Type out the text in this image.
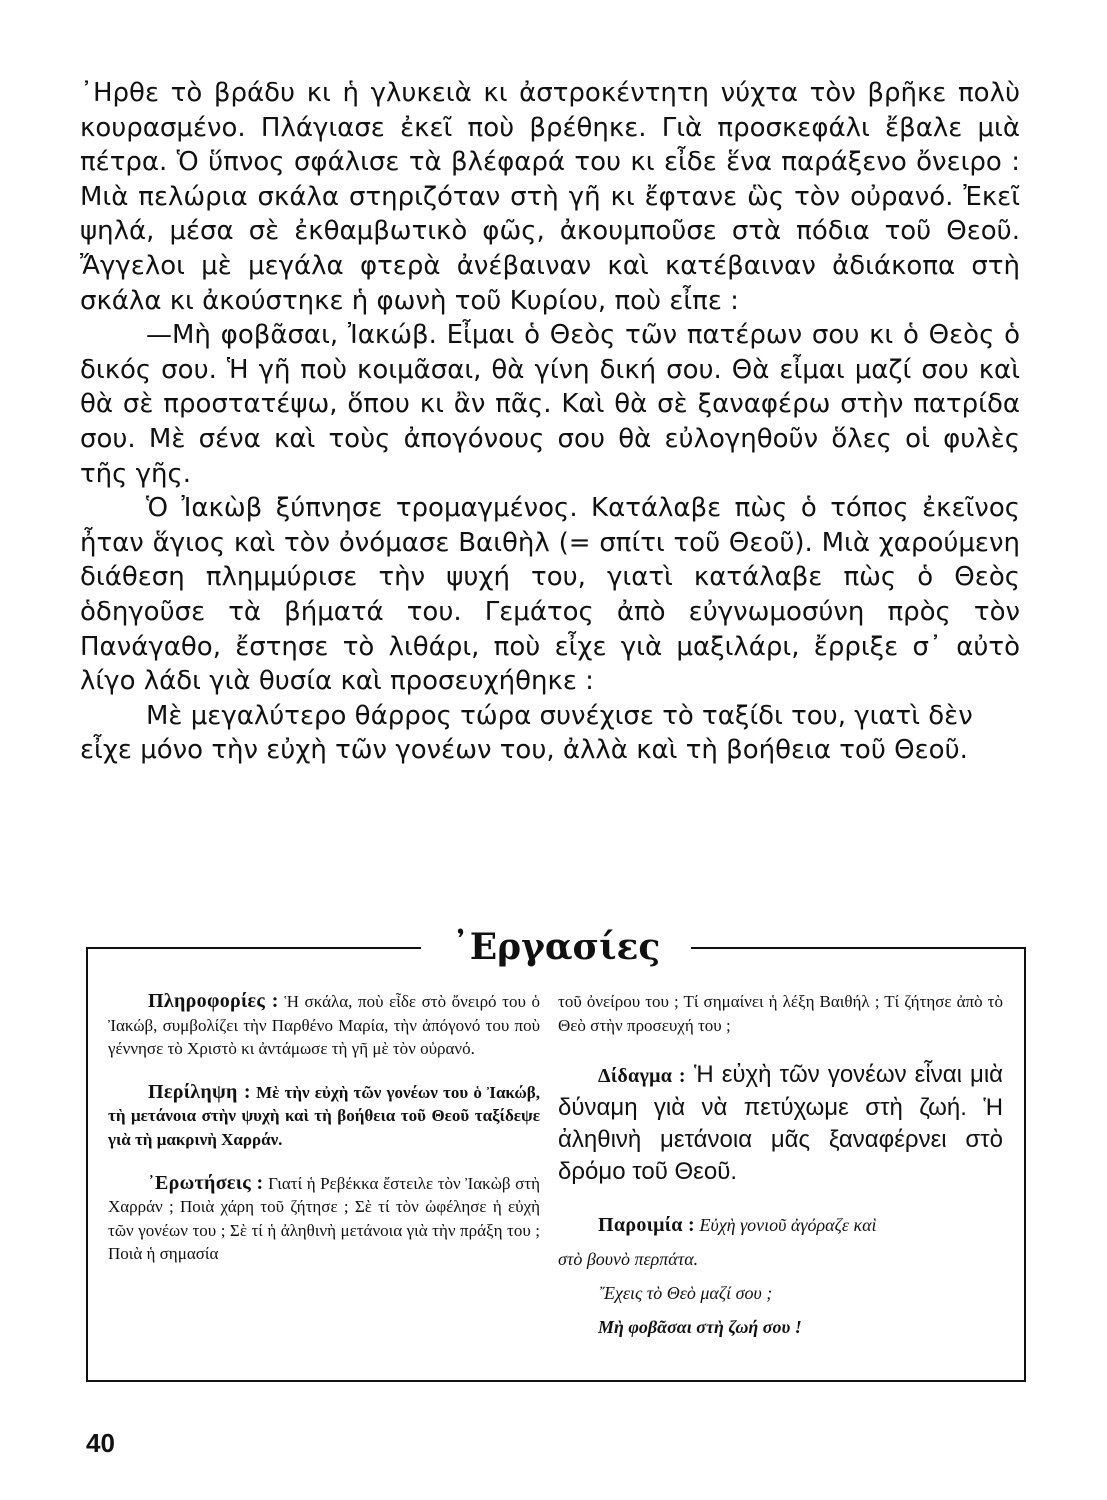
᾿Ηρθε τὸ βράδυ κι ἡ γλυκειὰ κι ἀστροκέντητη νύχτα τὸν βρῆκε πολὺ κουρασμένο. Πλάγιασε ἐκεῖ ποὺ βρέθηκε. Γιὰ προσκεφάλι ἔβαλε μιὰ πέτρα. Ὁ ὕπνος σφάλισε τὰ βλέφαρά του κι εἶδε ἕνα παράξενο ὄνειρο : Μιὰ πελώρια σκάλα στηριζόταν στὴ γῆ κι ἔφτανε ὣς τὸν οὐρανό. Ἐκεῖ ψηλά, μέσα σὲ ἐκθαμβωτικὸ φῶς, ἀκουμποῦσε στὰ πόδια τοῦ Θεοῦ. Ἄγγελοι μὲ μεγάλα φτερὰ ἀνέβαιναν καὶ κατέβαιναν ἀδιάκοπα στὴ σκάλα κι ἀκούστηκε ἡ φωνὴ τοῦ Κυρίου, ποὺ εἶπε :

—Μὴ φοβᾶσαι, Ἰακώβ. Εἶμαι ὁ Θεὸς τῶν πατέρων σου κι ὁ Θεὸς ὁ δικός σου. Ἡ γῆ ποὺ κοιμᾶσαι, θὰ γίνη δική σου. Θὰ εἶμαι μαζί σου καὶ θὰ σὲ προστατέψω, ὅπου κι ἂν πᾶς. Καὶ θὰ σὲ ξαναφέρω στὴν πατρίδα σου. Μὲ σένα καὶ τοὺς ἀπογόνους σου θὰ εὐλογηθοῦν ὅλες οἱ φυλὲς τῆς γῆς.

Ὁ Ἰακὼβ ξύπνησε τρομαγμένος. Κατάλαβε πὼς ὁ τόπος ἐκεῖνος ἦταν ἅγιος καὶ τὸν ὀνόμασε Βαιθὴλ (= σπίτι τοῦ Θεοῦ). Μιὰ χαρούμενη διάθεση πλημμύρισε τὴν ψυχή του, γιατὶ κατάλαβε πὼς ὁ Θεὸς ὁδηγοῦσε τὰ βήματά του. Γεμάτος ἀπὸ εὐγνωμοσύνη πρὸς τὸν Πανάγαθο, ἔστησε τὸ λιθάρι, ποὺ εἶχε γιὰ μαξιλάρι, ἔρριξε σ᾿ αὐτὸ λίγο λάδι γιὰ θυσία καὶ προσευχήθηκε :

Μὲ μεγαλύτερο θάρρος τώρα συνέχισε τὸ ταξίδι του, γιατὶ δὲν εἶχε μόνο τὴν εὐχὴ τῶν γονέων του, ἀλλὰ καὶ τὴ βοήθεια τοῦ Θεοῦ.

᾿Εργασίες

Πληροφορίες : Ἡ σκάλα, ποὺ εἶδε στὸ ὄνειρό του ὁ Ἰακώβ, συμβολίζει τὴν Παρθένο Μαρία, τὴν ἀπόγονό του ποὺ γέννησε τὸ Χριστὸ κι ἀντάμωσε τὴ γῆ μὲ τὸν οὐρανό.

Περίληψη : Μὲ τὴν εὐχὴ τῶν γονέων του ὁ Ἰακώβ, τὴ μετάνοια στὴν ψυχὴ καὶ τὴ βοήθεια τοῦ Θεοῦ ταξίδεψε γιὰ τὴ μακρινὴ Χαρράν.

᾿Ερωτήσεις : Γιατί ἡ Ρεβέκκα ἔστειλε τὸν Ἰακὼβ στὴ Χαρράν ; Ποιὰ χάρη τοῦ ζήτησε ; Σὲ τί τὸν ὠφέλησε ἡ εὐχὴ τῶν γονέων του ; Σὲ τί ἡ ἀληθινὴ μετάνοια γιὰ τὴν πράξη του ; Ποιὰ ἡ σημασία

τοῦ ὀνείρου του ; Τί σημαίνει ἡ λέξη Βαιθήλ ; Τί ζήτησε ἀπὸ τὸ Θεὸ στὴν προσευχή του ;

Δίδαγμα : Ἡ εὐχὴ τῶν γονέων εἶναι μιὰ δύναμη γιὰ νὰ πετύχωμε στὴ ζωή. Ἡ ἀληθινὴ μετάνοια μᾶς ξαναφέρνει στὸ δρόμο τοῦ Θεοῦ.

Παροιμία : Εὐχὴ γονιοῦ ἀγόραζε καὶ

στὸ βουνὸ περπάτα.

῎Εχεις τὸ Θεὸ μαζί σου ;

Μὴ φοβᾶσαι στὴ ζωή σου !

40
